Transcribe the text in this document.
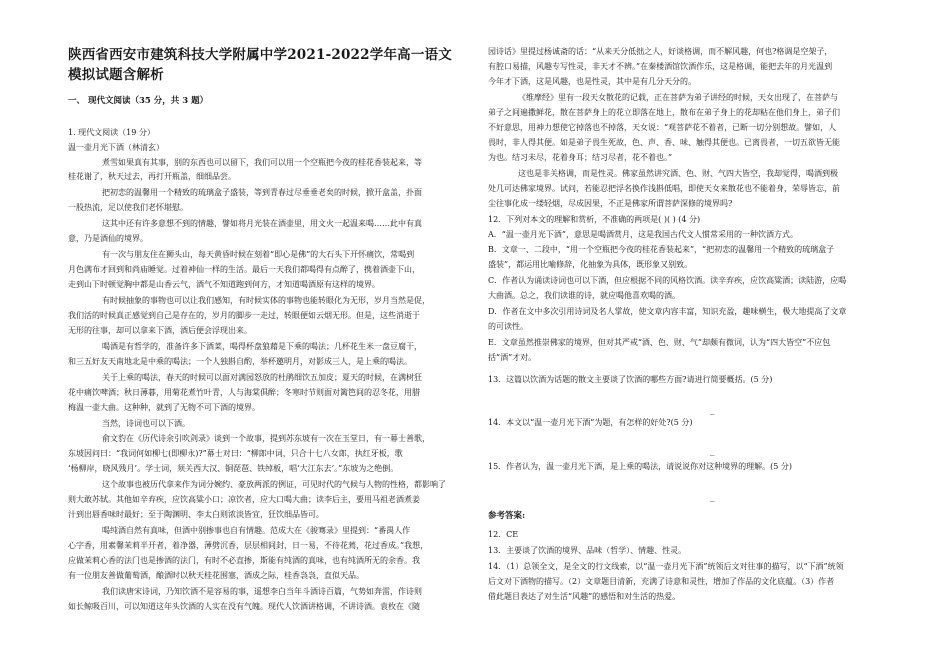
陕西省西安市建筑科技大学附属中学2021-2022学年高一语文
模拟试题含解析
一、 现代文阅读（35 分，共 3 题）
1. 现代文阅读（19 分）
温一壶月光下酒（林清玄）
煮雪如果真有其事，别的东西也可以留下，我们可以用一个空瓶把今夜的桂花香装起来，等
桂花谢了，秋天过去，再打开瓶盖，细细品尝。
把初恋的温馨用一个精致的琉璃盒子盛装，等到青春过尽垂垂老矣的时候，掀开盒盖，扑面
一股热流，足以使我们老怀堪慰。
这其中还有许多意想不到的情趣，譬如将月光装在酒壶里，用文火一起温来喝……此中有真
意，乃是酒仙的境界。
有一次与朋友住在狮头山，每天黄昏时候在刻着“即心是佛”的大石头下开怀痛饮，常喝到
月色满布才回到和尚庙睡觉。过着神仙一样的生活。最后一天我们都喝得有点醉了，携着酒壶下山，
走到山下时顿觉胸中都是山香云气，酒气不知道跑到何方，才知道喝酒原有这样的境界。
有时候抽象的事物也可以让我们感知，有时候实体的事物也能转眼化为无形，岁月当然是促，
我们活的时候真正感觉到自己是存在的，岁月的脚步一走过，转眼便如云烟无形。但是，这些消逝于
无形的往事，却可以拿来下酒，酒后便会浮现出来。
喝酒是有哲学的，准备许多下酒菜，喝得杯盘狼藉是下乘的喝法；几杯花生米一盘豆腐干，
和三五好友天南地北是中乘的喝法；一个人独斟自酌，举杯邀明月，对影成三人，是上乘的喝法。
关于上乘的喝法，春天的时候可以面对满园怒放的杜鹃细饮五加皮；夏天的时候，在满树狂
花中痛饮啤酒；秋日薄暮，用菊花煮竹叶青，人与海棠俱醉；冬寒时节则面对篱笆间的忍冬花，用腊
梅温一壶大曲。这种种，就到了无物不可下酒的境界。
当然，诗词也可以下酒。
俞文豹在《历代诗余引吹剑录》谈到一个故事，提到苏东坡有一次在玉堂日，有一幕士善歌，
东坡因问曰：“我词何如柳七(即柳永)?”幕士对曰：“柳郎中词，只合十七八女郎，执红牙板，歌
‘杨柳岸，晓风残月’。学士词，须关西大汉、铜琵琶、铁绰板，唱‘大江东去’。”东坡为之绝倒。
这个故事也被历代拿来作为词分婉约、豪放两派的例证，可见时代的气候与人物的性格，都影响了
则大敢苏轼。其他如辛弃疾，应饮高粱小口；凉饮者，应大口喝大曲；读李后主，要用马祖老酒煮姜
汁到出唇香味时最好；至于陶渊明、李太白则浓淡皆宜，狂饮细品皆可。
喝纯酒自然有真味，但酒中别掺事也自有情趣。范成大在《骏骞录》里提到：“番禺人作
心字香，用素馨茉莉半开者，着净器，薄劈沉香，层层相间封，日一易，不待花蔫，花过香成。”我想，
应做茉莉心香的法门也是掺酒的法门，有时不必直掺，斯能有纯酒的真味，也有纯酒所无的余香。我
有一位朋友善做葡萄酒，酿酒时以秋天桂花围塞，酒成之际，桂香袅袅，直似天品。
我们读唐宋诗词，乃知饮酒不是容易的事，遥想李白当年斗酒诗百篇，气势如奔雷，作诗则
如长鲸吸百川，可以知道这年头饮酒的人实在没有气魄。现代人饮酒讲格调，不讲诗酒。袁枚在《随
园诗话》里提过杨诚斋的话：“从来天分低拙之人，好谈格调，而不解风趣，何也?格调是空架子，
有腔口易描，风趣专写性灵，非天才不辨。”在秦楼酒馆饮酒作乐，这是格调，能把去年的月光温到
今年才下酒，这是风趣，也是性灵，其中是有几分天分的。
《维摩经》里有一段天女散花的记载，正在菩萨为弟子讲经的时候，天女出现了，在菩萨与
弟子之间遍撒鲜花，散在菩萨身上的花立即落在地上，散布在弟子身上的花却粘在他们身上，弟子们
不好意思，用神力想使它掉落也不掉落，天女说：“观菩萨花不着者，已断一切分别想故。譬如，人
畏时，非人得其便。如是弟子畏生死故，色、声、香、味、触得其便也。已离畏者，一切五欲皆无能
为也。结习未尽，花着身耳；结习尽者，花不着也。”
这也是非关格调，而是性灵。佛家虽然讲究酒、色、财、气四大皆空，我却觉得，喝酒到极
处几可达佛家境界。试问，若能忍把浮名换作浅斟低唱，即使天女来散花也不能着身，荣辱皆忘，前
尘往事化成一缕轻烟，尽成因果，不正是佛家所谓菩萨深修的境界吗?
12．下列对本文的理解和赏析，不准确的两项是( )( ) (4 分)
A．“温一壶月光下酒”，意思是喝酒赏月，这是我国古代文人惯常采用的一种饮酒方式。
B．文章一、二段中，“用一个空瓶把今夜的桂花香装起来”，“把初恋的温馨用一个精致的琉璃盒子
盛装”，都运用比喻修辞，化抽象为具体，既形象又别致。
C．作者认为诵读诗词也可以下酒，但应根据不同的风格饮酒。读辛弃疾，应饮高粱酒；读陆游，应喝
大曲酒。总之，我们读谁的诗，就应喝他喜欢喝的酒。
D．作者在文中多次引用诗词及名人掌故，使文章内容丰富，知识充盈，趣味横生，极大地提高了文章
的可读性。
E．文章虽然推崇佛家的境界，但对其严戒“酒、色、财、气”却颇有微词，认为“四大皆空”不应包
括“酒”才对。
13．这篇以饮酒为话题的散文主要谈了饮酒的哪些方面?请进行简要概括。(5 分)
_
14．本文以“温一壶月光下酒”为题，有怎样的好处?(5 分)
_
15．作者认为，温一壶月光下酒，是上乘的喝法，请说说你对这种境界的理解。(5 分)
_
参考答案:
12．CE
13．主要谈了饮酒的境界、品味（哲学）、情趣、性灵。
14．（1）总领全文，是全文的行文线索，以“温一壶月光下酒”统领后文对往事的描写，以“下酒”统领
后文对下酒物的描写。（2）文章题目清新，充满了诗意和灵性，增加了作品的文化底蕴。（3）作者
借此题目表达了对生活“风趣”的感悟和对生活的热爱。
